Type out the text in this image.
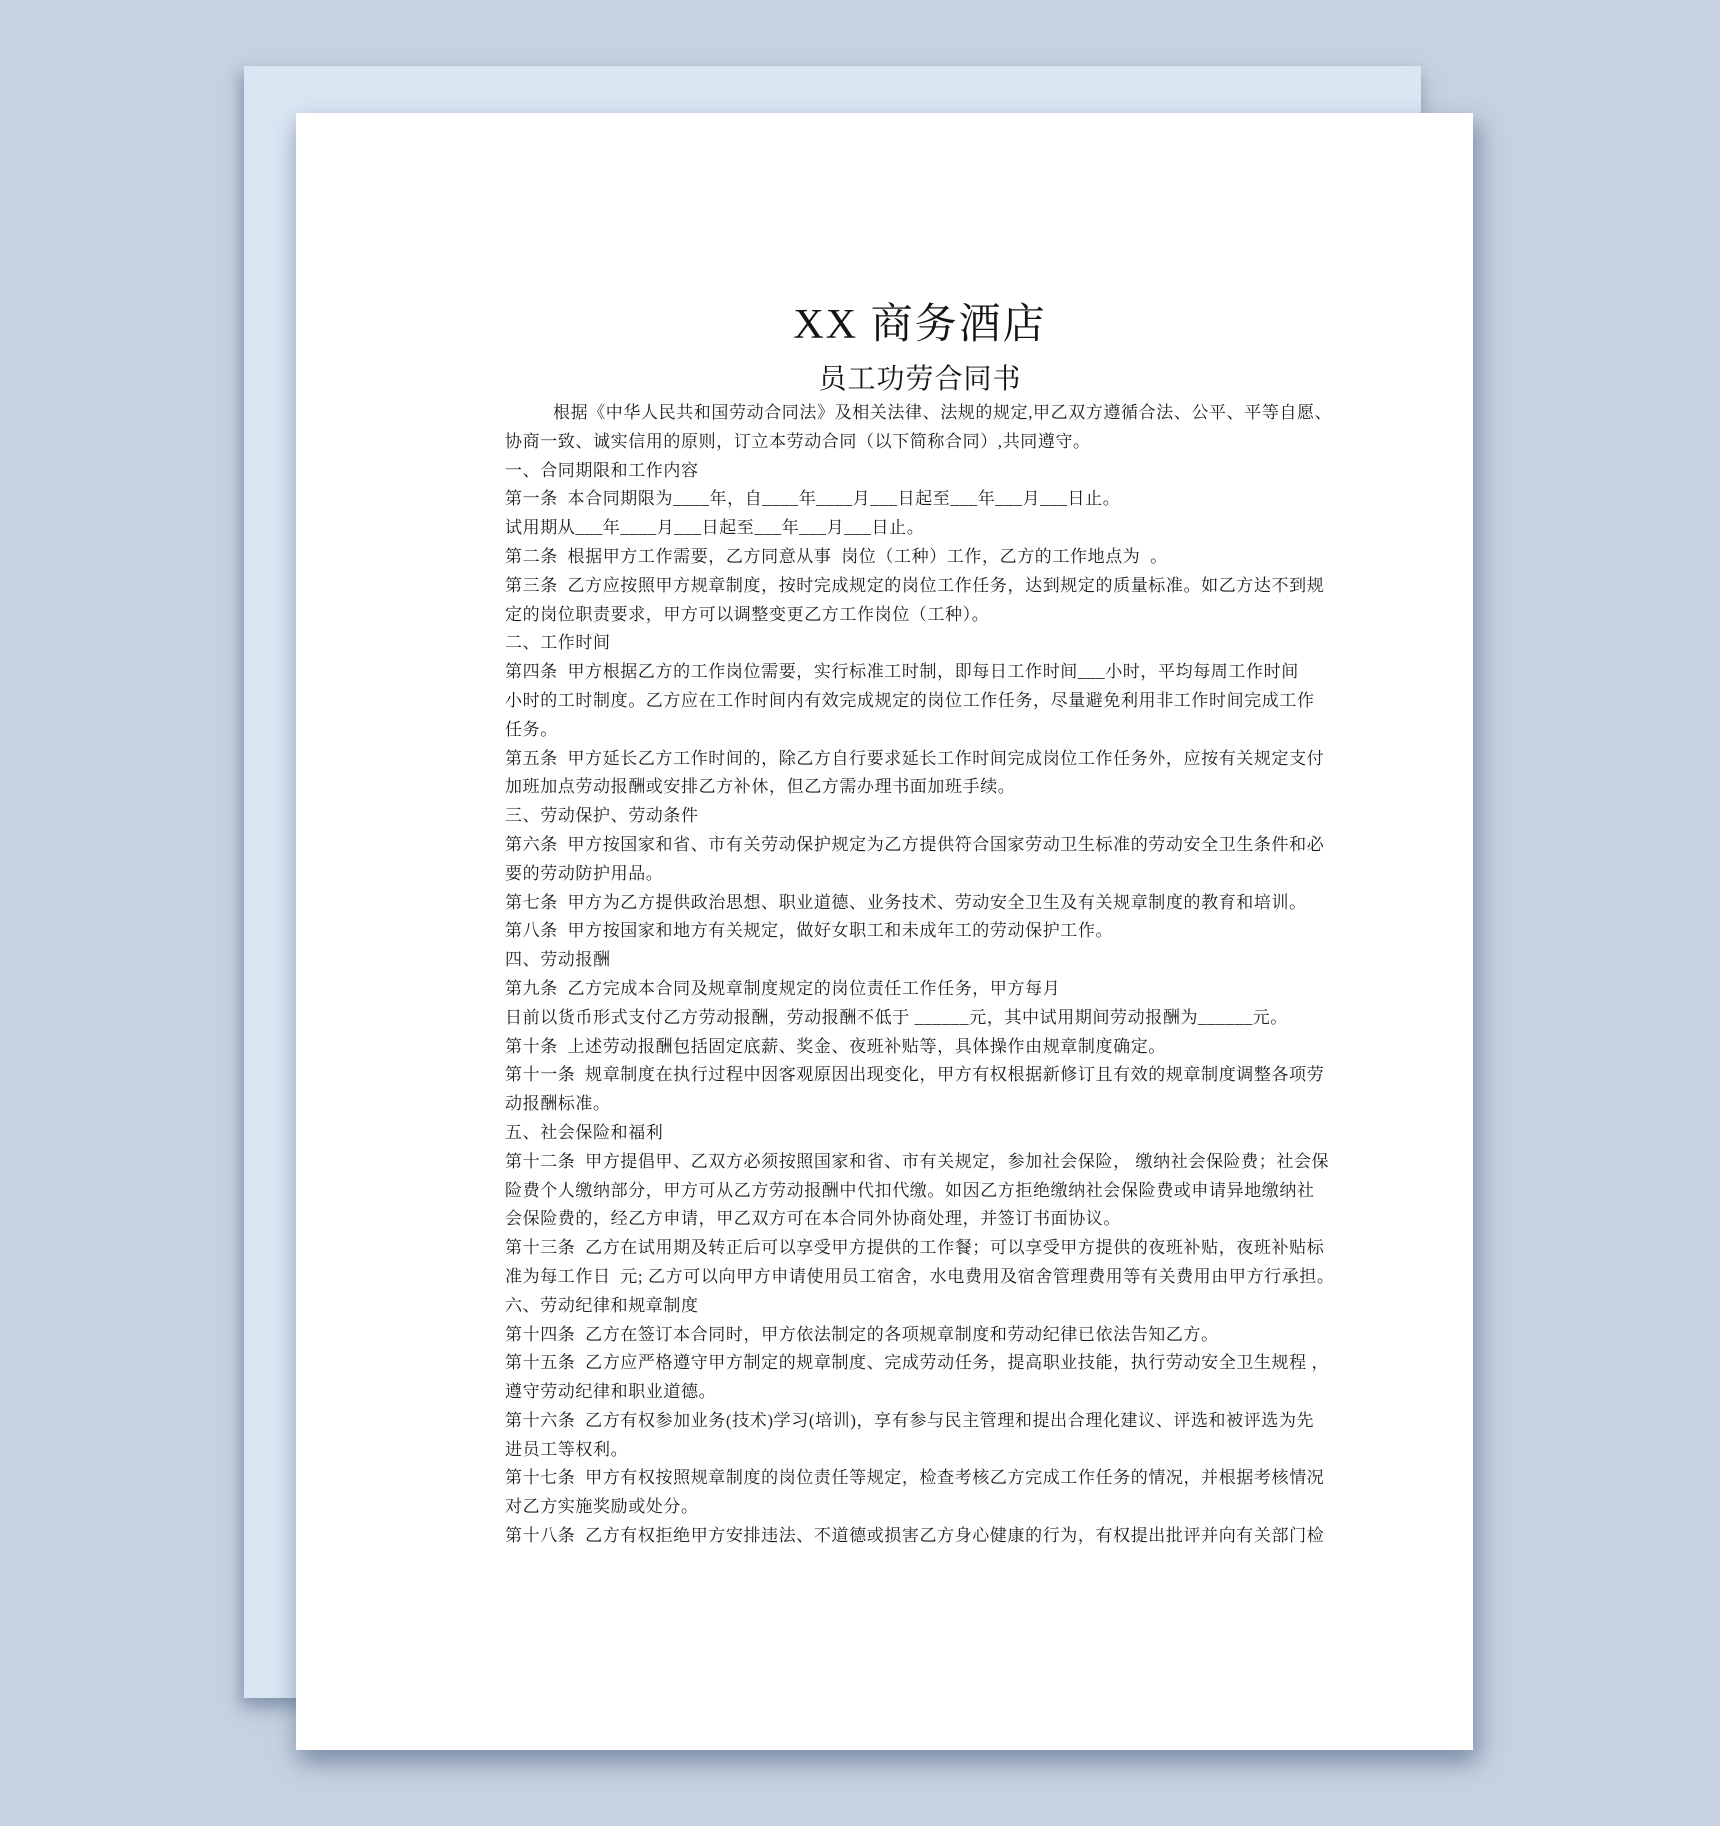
XX 商务酒店
员工功劳合同书
根据《中华人民共和国劳动合同法》及相关法律、法规的规定,甲乙双方遵循合法、公平、平等自愿、
协商一致、诚实信用的原则，订立本劳动合同（以下简称合同）,共同遵守。
一、合同期限和工作内容
第一条  本合同期限为____年，自____年____月___日起至___年___月___日止。
试用期从___年____月___日起至___年___月___日止。
第二条  根据甲方工作需要，乙方同意从事  岗位（工种）工作，乙方的工作地点为  。
第三条  乙方应按照甲方规章制度，按时完成规定的岗位工作任务，达到规定的质量标准。如乙方达不到规
定的岗位职责要求，甲方可以调整变更乙方工作岗位（工种）。
二、工作时间
第四条  甲方根据乙方的工作岗位需要，实行标准工时制，即每日工作时间___小时，平均每周工作时间
小时的工时制度。乙方应在工作时间内有效完成规定的岗位工作任务，尽量避免利用非工作时间完成工作
任务。
第五条  甲方延长乙方工作时间的，除乙方自行要求延长工作时间完成岗位工作任务外，应按有关规定支付
加班加点劳动报酬或安排乙方补休，但乙方需办理书面加班手续。
三、劳动保护、劳动条件
第六条  甲方按国家和省、市有关劳动保护规定为乙方提供符合国家劳动卫生标准的劳动安全卫生条件和必
要的劳动防护用品。
第七条  甲方为乙方提供政治思想、职业道德、业务技术、劳动安全卫生及有关规章制度的教育和培训。
第八条  甲方按国家和地方有关规定，做好女职工和未成年工的劳动保护工作。
四、劳动报酬
第九条  乙方完成本合同及规章制度规定的岗位责任工作任务，甲方每月
日前以货币形式支付乙方劳动报酬，劳动报酬不低于 ______元，其中试用期间劳动报酬为______元。
第十条  上述劳动报酬包括固定底薪、奖金、夜班补贴等，具体操作由规章制度确定。
第十一条  规章制度在执行过程中因客观原因出现变化，甲方有权根据新修订且有效的规章制度调整各项劳
动报酬标准。
五、社会保险和福利
第十二条  甲方提倡甲、乙双方必须按照国家和省、市有关规定，参加社会保险， 缴纳社会保险费；社会保
险费个人缴纳部分，甲方可从乙方劳动报酬中代扣代缴。如因乙方拒绝缴纳社会保险费或申请异地缴纳社
会保险费的，经乙方申请，甲乙双方可在本合同外协商处理，并签订书面协议。
第十三条  乙方在试用期及转正后可以享受甲方提供的工作餐；可以享受甲方提供的夜班补贴，夜班补贴标
准为每工作日  元; 乙方可以向甲方申请使用员工宿舍，水电费用及宿舍管理费用等有关费用由甲方行承担。
六、劳动纪律和规章制度
第十四条  乙方在签订本合同时，甲方依法制定的各项规章制度和劳动纪律已依法告知乙方。
第十五条  乙方应严格遵守甲方制定的规章制度、完成劳动任务，提高职业技能，执行劳动安全卫生规程 ，
遵守劳动纪律和职业道德。
第十六条  乙方有权参加业务(技术)学习(培训)，享有参与民主管理和提出合理化建议、评选和被评选为先
进员工等权利。
第十七条  甲方有权按照规章制度的岗位责任等规定，检查考核乙方完成工作任务的情况，并根据考核情况
对乙方实施奖励或处分。
第十八条  乙方有权拒绝甲方安排违法、不道德或损害乙方身心健康的行为，有权提出批评并向有关部门检
